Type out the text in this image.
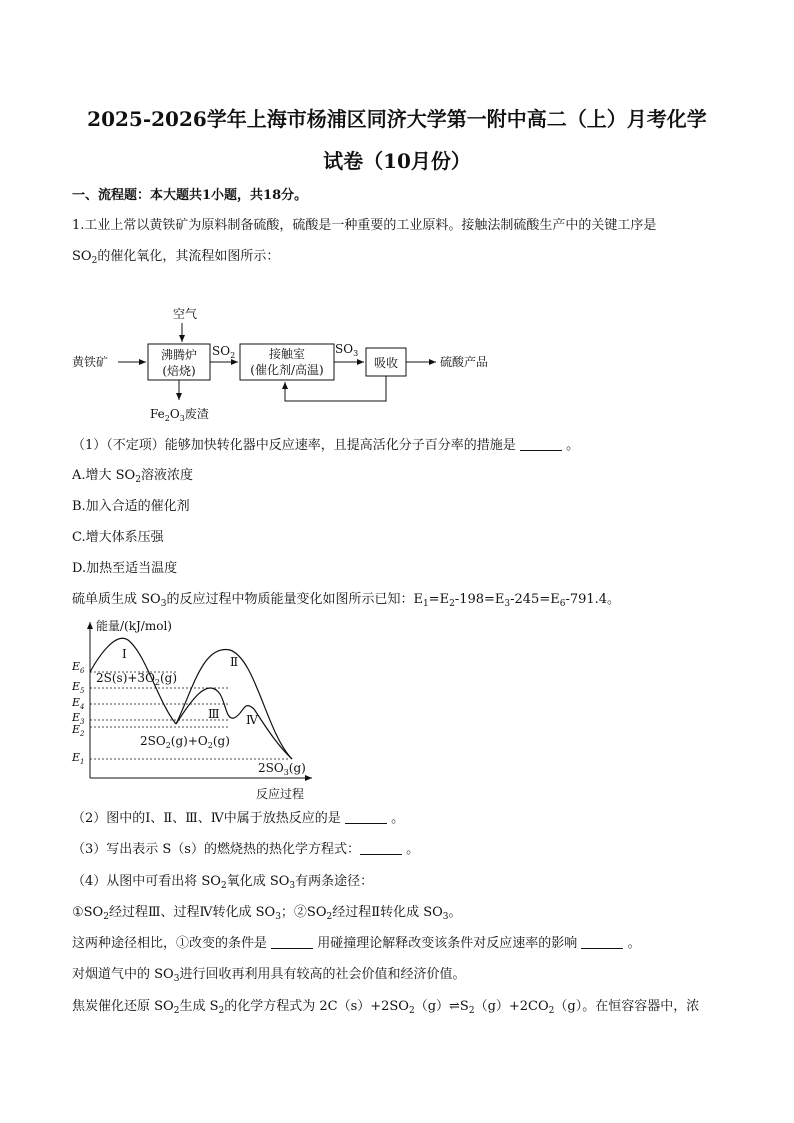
2025-2026学年上海市杨浦区同济大学第一附中高二（上）月考化学
试卷（10月份）
一、流程题：本大题共1小题，共18分。
1.工业上常以黄铁矿为原料制备硫酸，硫酸是一种重要的工业原料。接触法制硫酸生产中的关键工序是
$SO_2$的催化氧化，其流程如图所示：
空气
黄铁矿	沸腾炉
(焙烧)
$SO_2$	接触室
(催化剂/高温)
$SO_3$
吸收	硫酸产品
$Fe_2O_3$废渣
（1）（不定项）能够加快转化器中反应速率，且提高活化分子百分率的措施是	。
A.增大 $SO_2$溶液浓度
B.加入合适的催化剂
C.增大体系压强
D.加热至适当温度
硫单质生成 $SO_3$的反应过程中物质能量变化如图所示已知：$E_1=E_2-198=E_3-245=E_6-791.4$。
能量/(kJ/mol)
反应过程
$E_6$
$E_5$
$E_4$
$E_3$
$E_2$
$E_1$
Ⅰ
Ⅱ
Ⅲ Ⅳ
$2S(s)+3O_2(g)$
$2SO_2(g)+O_2(g)$
$2SO_3(g)$
（2）图中的Ⅰ、Ⅱ、Ⅲ、Ⅳ中属于放热反应的是	。
（3）写出表示 S（s）的燃烧热的热化学方程式：	。
（4）从图中可看出将 $SO_2$氧化成 $SO_3$有两条途径：
$①SO_2$经过程Ⅲ、过程Ⅳ转化成 $SO_3$；$②SO_2$经过程Ⅱ转化成 $SO_3$。
这两种途径相比，①改变的条件是	用碰撞理论解释改变该条件对反应速率的影响	。
对烟道气中的 $SO_3$进行回收再利用具有较高的社会价值和经济价值。
焦炭催化还原 $SO_2$生成 $S_2$的化学方程式为 $2C(s)+2SO_2(g)\rightleftharpoons S_2(g)+2CO_2(g)$。在恒容容器中，浓
